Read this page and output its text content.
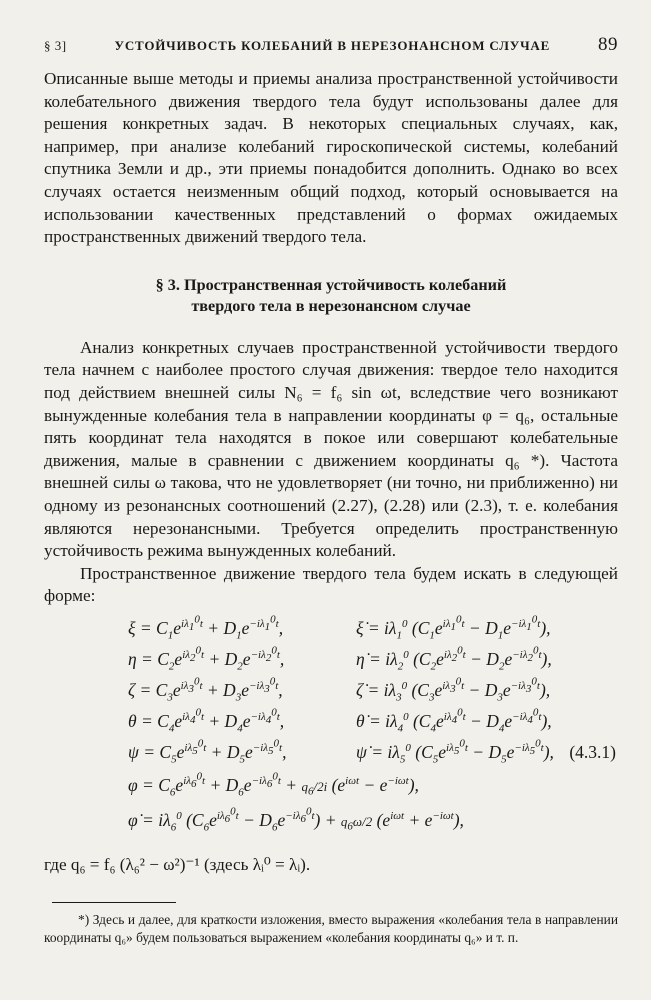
§ 3]	УСТОЙЧИВОСТЬ КОЛЕБАНИЙ В НЕРЕЗОНАНСНОМ СЛУЧАЕ	89

Описанные выше методы и приемы анализа пространственной устойчивости колебательного движения твердого тела будут использованы далее для решения конкретных задач. В некоторых специальных случаях, как, например, при анализе колебаний гироскопической системы, колебаний спутника Земли и др., эти приемы понадобится дополнить. Однако во всех случаях остается неизменным общий подход, который основывается на использовании качественных представлений о формах ожидаемых пространственных движений твердого тела.

§ 3. Пространственная устойчивость колебаний
твердого тела в нерезонансном случае

Анализ конкретных случаев пространственной устойчивости твердого тела начнем с наиболее простого случая движения: твердое тело находится под действием внешней силы N₆ = f₆ sin ωt, вследствие чего возникают вынужденные колебания тела в направлении координаты φ = q₆, остальные пять координат тела находятся в покое или совершают колебательные движения, малые в сравнении с движением координаты q₆ *). Частота внешней силы ω такова, что не удовлетворяет (ни точно, ни приближенно) ни одному из резонансных соотношений (2.27), (2.28) или (2.3), т. е. колебания являются нерезонансными. Требуется определить пространственную устойчивость режима вынужденных колебаний.

Пространственное движение твердого тела будем искать в следующей форме:

$\xi = C_1e^{i\lambda_1^0t} + D_1e^{-i\lambda_1^0t}$,	ξ̇ = $i\lambda_1^0$ $(C_1e^{i\lambda_1^0t} - D_1e^{-i\lambda_1^0t})$,
$\eta = C_2e^{i\lambda_2^0t} + D_2e^{-i\lambda_2^0t}$,	η̇ = $i\lambda_2^0$ $(C_2e^{i\lambda_2^0t} - D_2e^{-i\lambda_2^0t})$,
$\zeta = C_3e^{i\lambda_3^0t} + D_3e^{-i\lambda_3^0t}$,	ζ̇ = $i\lambda_3^0$ $(C_3e^{i\lambda_3^0t} - D_3e^{-i\lambda_3^0t})$,
$\theta = C_4e^{i\lambda_4^0t} + D_4e^{-i\lambda_4^0t}$,	θ̇ = $i\lambda_4^0$ $(C_4e^{i\lambda_4^0t} - D_4e^{-i\lambda_4^0t})$,
$\psi = C_5e^{i\lambda_5^0t} + D_5e^{-i\lambda_5^0t}$,	ψ̇ = $i\lambda_5^0$ $(C_5e^{i\lambda_5^0t} - D_5e^{-i\lambda_5^0t})$, (4.3.1)
$\varphi = C_6e^{i\lambda_6^0t} + D_6e^{-i\lambda_6^0t} + q_6/2i$ $(e^{i\omega t} - e^{-i\omega t})$,
φ̇ = $i\lambda_6^0$ $(C_6e^{i\lambda_6^0t} - D_6e^{-i\lambda_6^0t}) + q_6\omega/2$ $(e^{i\omega t} + e^{-i\omega t})$,
где q₆ = f₆ (λ₆² − ω²)⁻¹ (здесь λᵢ⁰ = λᵢ).
*) Здесь и далее, для краткости изложения, вместо выражения «колебания тела в направлении координаты q₆» будем пользоваться выражением «колебания координаты q₆» и т. п.
